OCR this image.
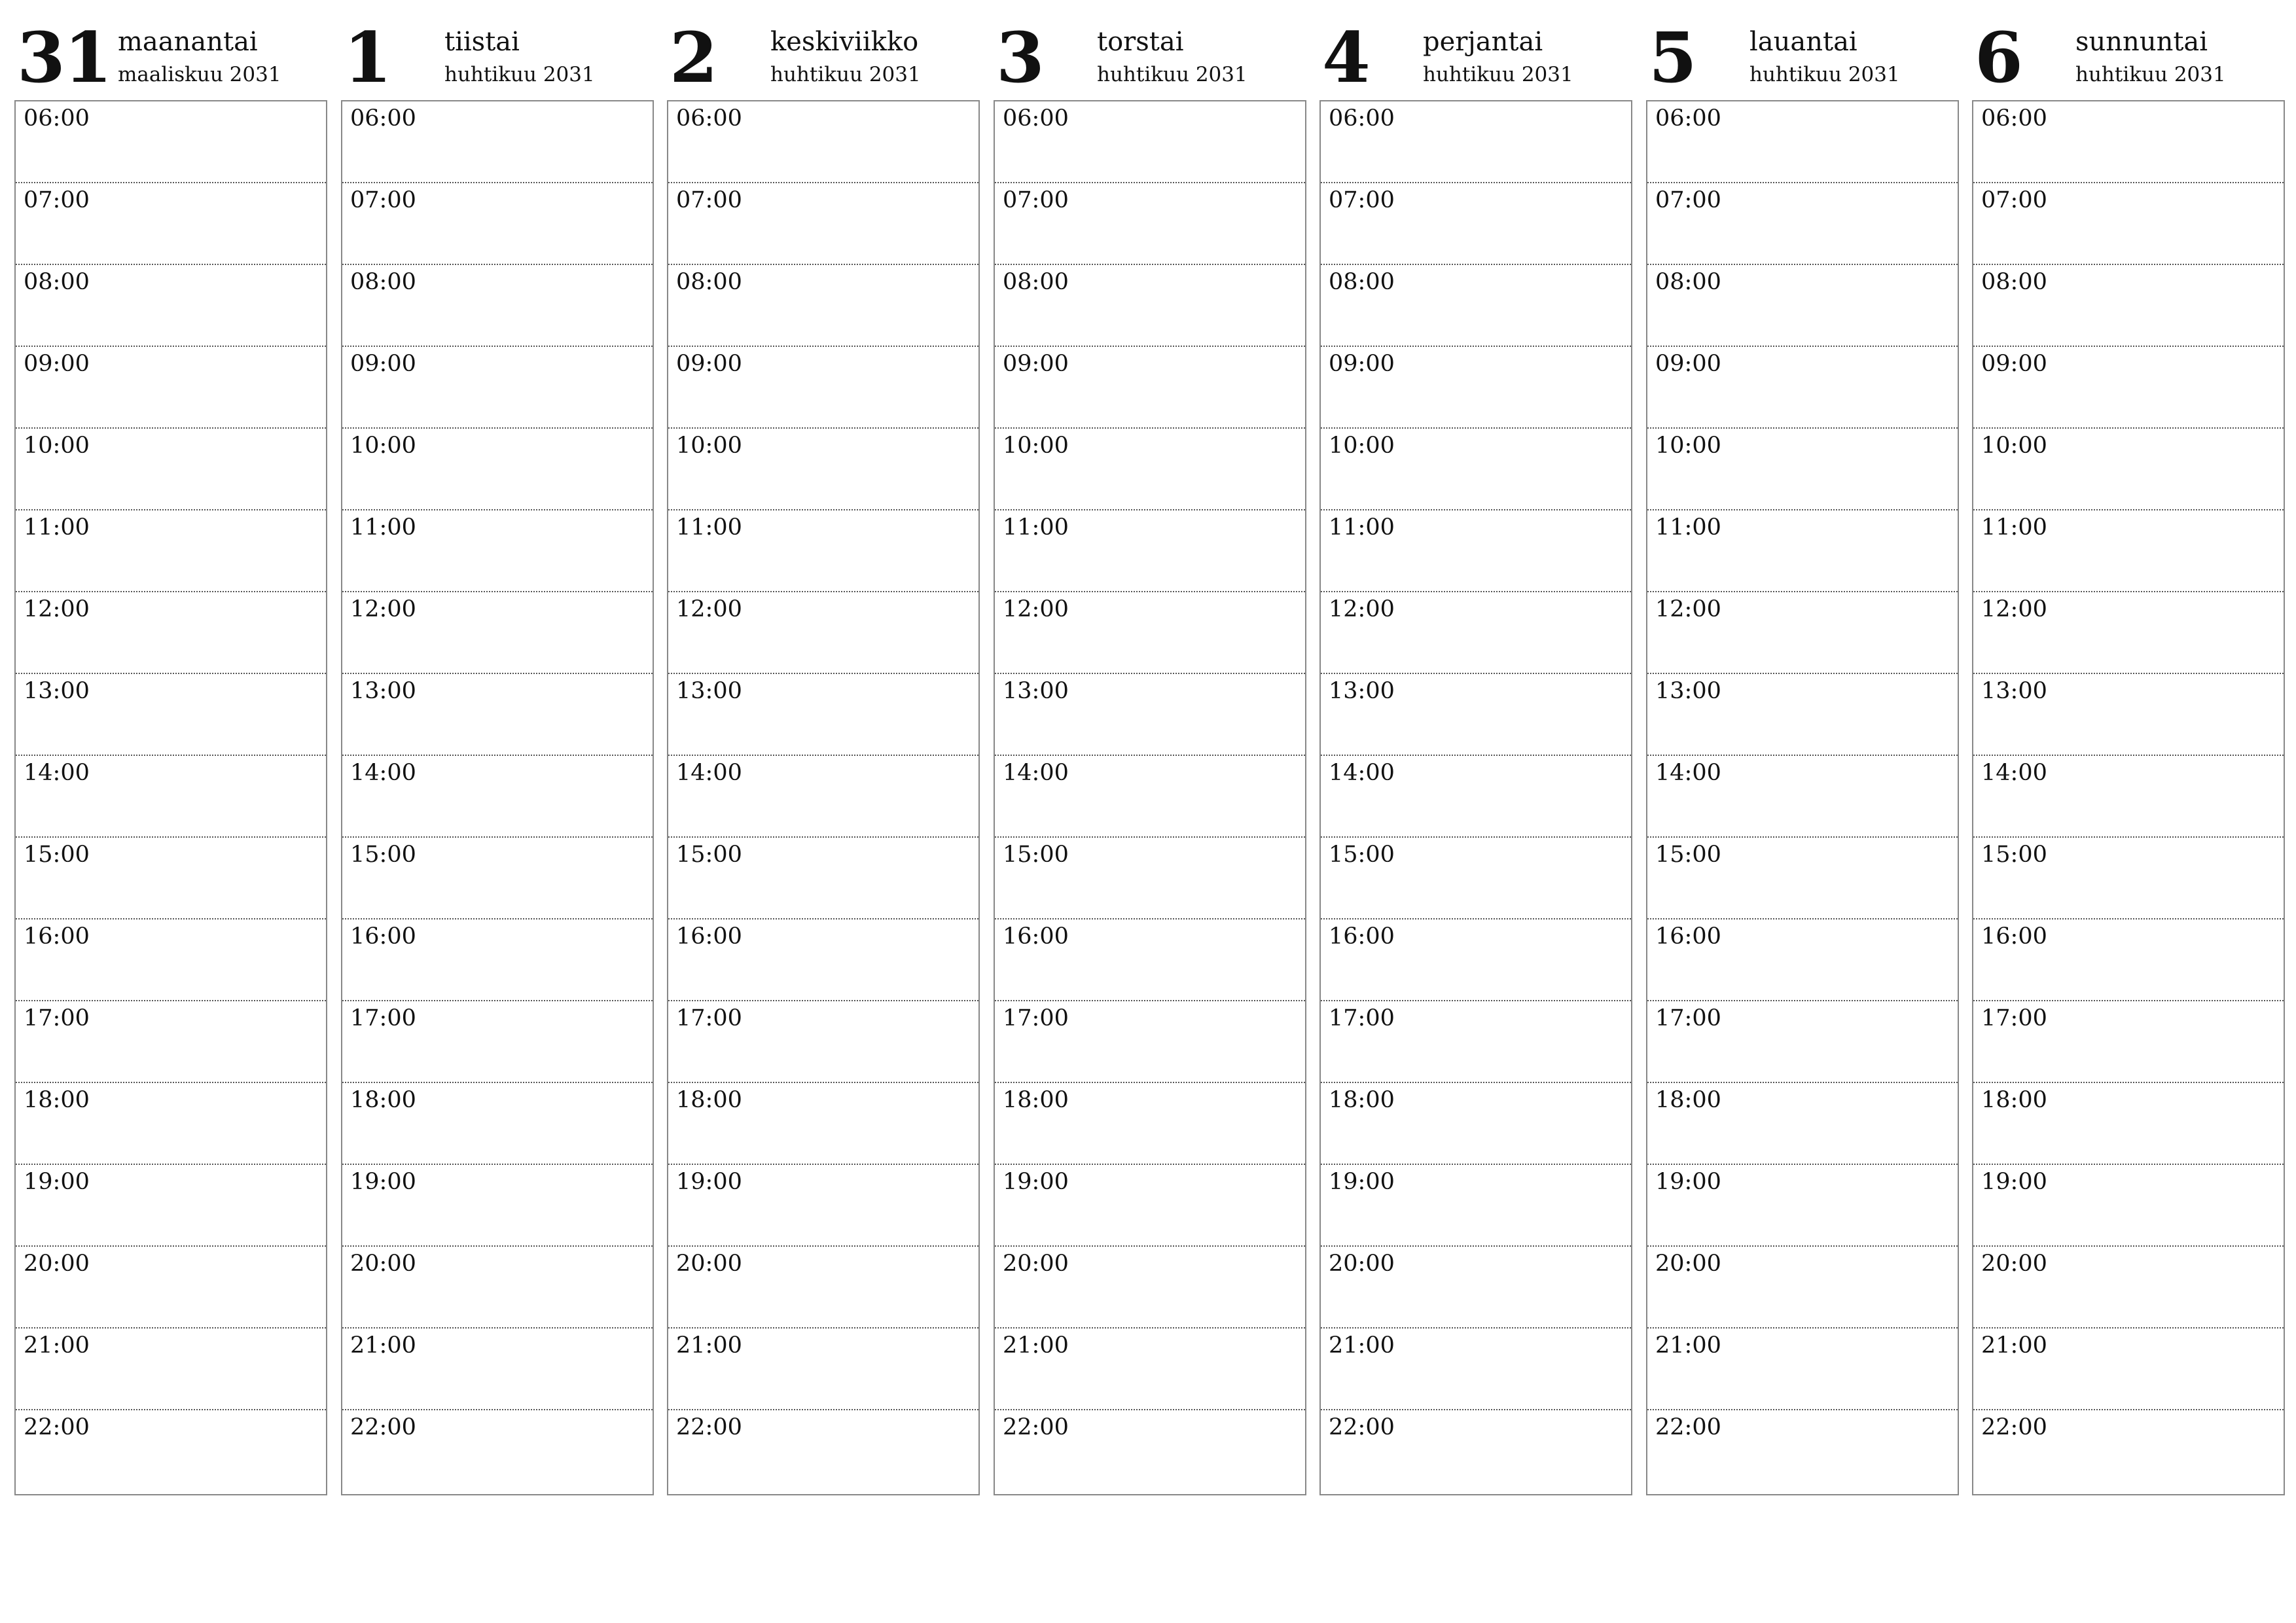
31 maanantai
maaliskuu 2031
06:00
07:00
08:00
09:00
10:00
11:00
12:00
13:00
14:00
15:00
16:00
17:00
18:00
19:00
20:00
21:00
22:00
1 tiistai
huhtikuu 2031
06:00
07:00
08:00
09:00
10:00
11:00
12:00
13:00
14:00
15:00
16:00
17:00
18:00
19:00
20:00
21:00
22:00
2 keskiviikko
huhtikuu 2031
06:00
07:00
08:00
09:00
10:00
11:00
12:00
13:00
14:00
15:00
16:00
17:00
18:00
19:00
20:00
21:00
22:00
3 torstai
huhtikuu 2031
06:00
07:00
08:00
09:00
10:00
11:00
12:00
13:00
14:00
15:00
16:00
17:00
18:00
19:00
20:00
21:00
22:00
4 perjantai
huhtikuu 2031
06:00
07:00
08:00
09:00
10:00
11:00
12:00
13:00
14:00
15:00
16:00
17:00
18:00
19:00
20:00
21:00
22:00
5 lauantai
huhtikuu 2031
06:00
07:00
08:00
09:00
10:00
11:00
12:00
13:00
14:00
15:00
16:00
17:00
18:00
19:00
20:00
21:00
22:00
6 sunnuntai
huhtikuu 2031
06:00
07:00
08:00
09:00
10:00
11:00
12:00
13:00
14:00
15:00
16:00
17:00
18:00
19:00
20:00
21:00
22:00
